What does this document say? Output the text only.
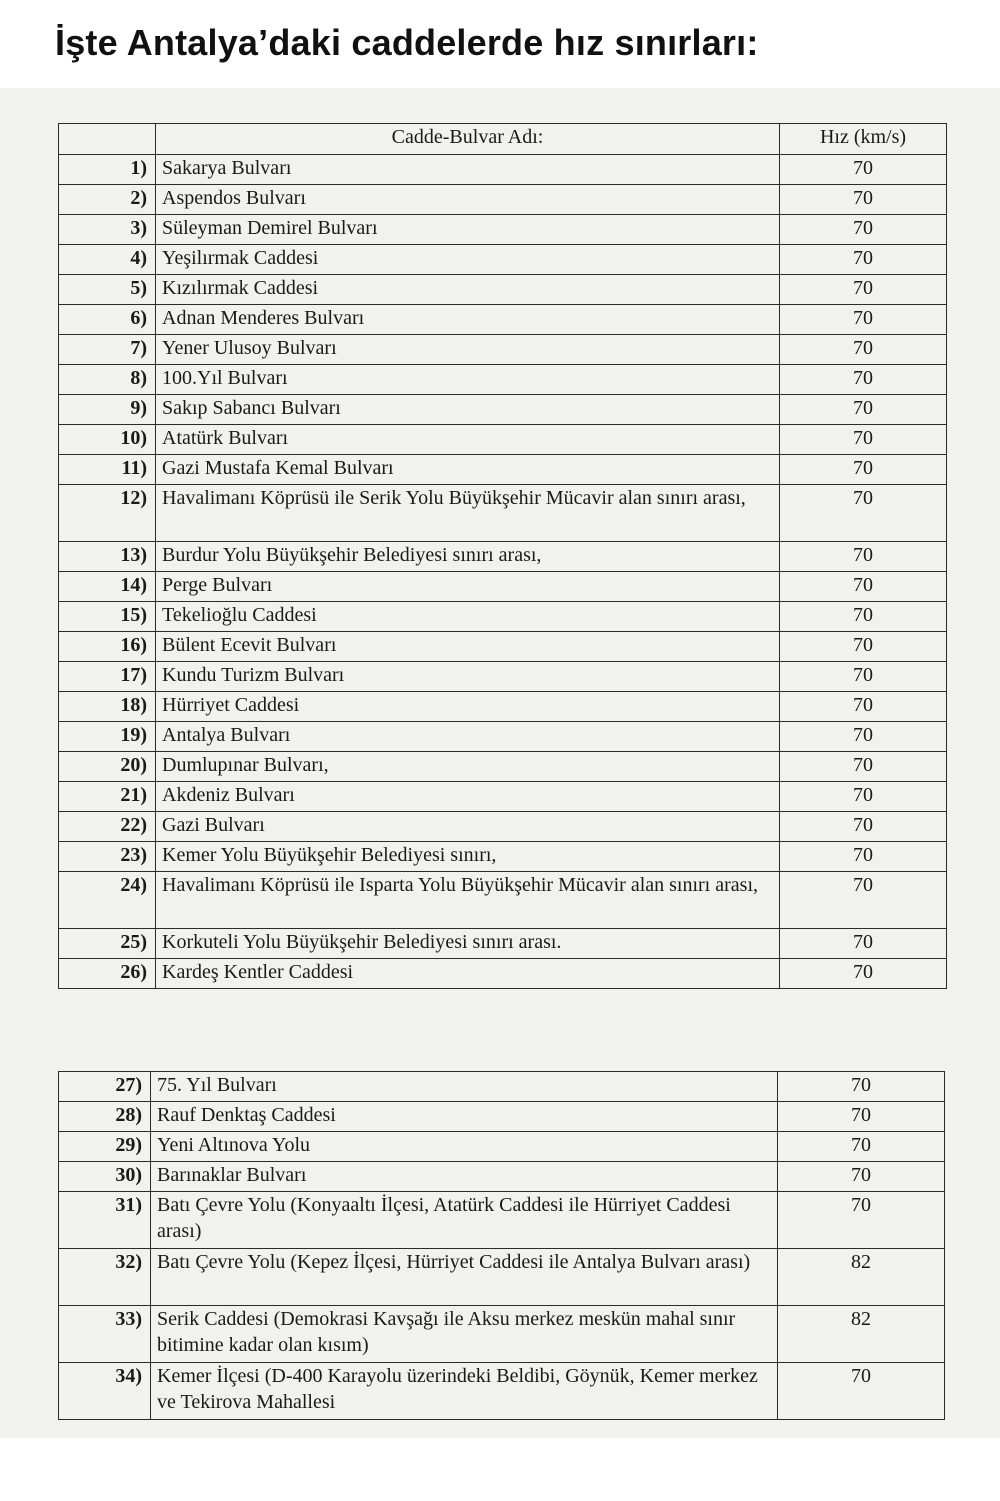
İşte Antalya’daki caddelerde hız sınırları:
	Cadde-Bulvar Adı:	Hız (km/s)
1)	Sakarya Bulvarı	70
2)	Aspendos Bulvarı	70
3)	Süleyman Demirel Bulvarı	70
4)	Yeşilırmak Caddesi	70
5)	Kızılırmak Caddesi	70
6)	Adnan Menderes Bulvarı	70
7)	Yener Ulusoy Bulvarı	70
8)	100.Yıl Bulvarı	70
9)	Sakıp Sabancı Bulvarı	70
10)	Atatürk Bulvarı	70
11)	Gazi Mustafa Kemal Bulvarı	70
12)	Havalimanı Köprüsü ile Serik Yolu Büyükşehir Mücavir alan sınırı arası,	70
13)	Burdur Yolu Büyükşehir Belediyesi sınırı arası,	70
14)	Perge Bulvarı	70
15)	Tekelioğlu Caddesi	70
16)	Bülent Ecevit Bulvarı	70
17)	Kundu Turizm Bulvarı	70
18)	Hürriyet Caddesi	70
19)	Antalya Bulvarı	70
20)	Dumlupınar Bulvarı,	70
21)	Akdeniz Bulvarı	70
22)	Gazi Bulvarı	70
23)	Kemer Yolu Büyükşehir Belediyesi sınırı,	70
24)	Havalimanı Köprüsü ile Isparta Yolu Büyükşehir Mücavir alan sınırı arası,	70
25)	Korkuteli Yolu Büyükşehir Belediyesi sınırı arası.	70
26)	Kardeş Kentler Caddesi	70
27)	75. Yıl Bulvarı	70
28)	Rauf Denktaş Caddesi	70
29)	Yeni Altınova Yolu	70
30)	Barınaklar Bulvarı	70
31)	Batı Çevre Yolu (Konyaaltı İlçesi, Atatürk Caddesi ile Hürriyet Caddesi arası)	70
32)	Batı Çevre Yolu (Kepez İlçesi, Hürriyet Caddesi ile Antalya Bulvarı arası)	82
33)	Serik Caddesi (Demokrasi Kavşağı ile Aksu merkez meskün mahal sınır bitimine kadar olan kısım)	82
34)	Kemer İlçesi (D-400 Karayolu üzerindeki Beldibi, Göynük, Kemer merkez ve Tekirova Mahallesi	70
